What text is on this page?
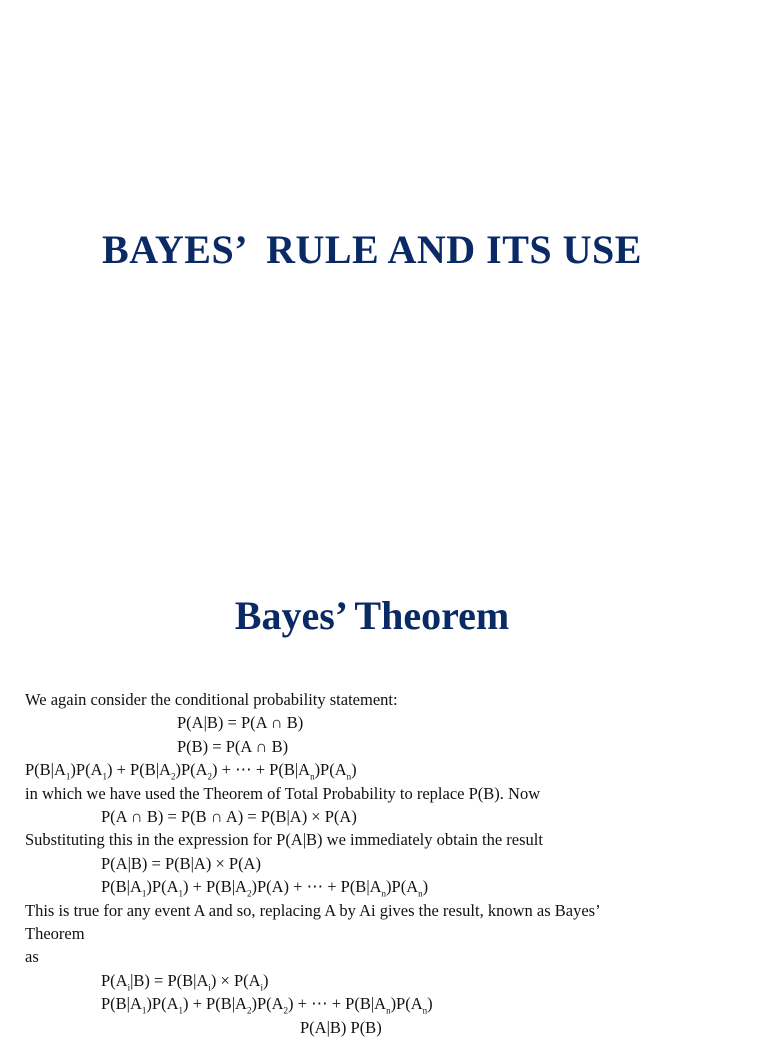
BAYES’  RULE AND ITS USE
Bayes’ Theorem
We again consider the conditional probability statement:
P(A|B) = P(A ∩ B)
P(B) = P(A ∩ B)
$P(B|A_1)P(A_1) + P(B|A_2)P(A_2)$ + ⋯ + $P(B|A_n)P(A_n)$
in which we have used the Theorem of Total Probability to replace P(B). Now
P(A ∩ B) = P(B ∩ A) = P(B|A) × P(A)
Substituting this in the expression for P(A|B) we immediately obtain the result
P(A|B) = P(B|A) × P(A)
$P(B|A_1)P(A_1) + P(B|A_2)P(A)$ + ⋯ + $P(B|A_n)P(A_n)$
This is true for any event A and so, replacing A by Ai gives the result, known as Bayes’
Theorem
as
$P(A_i|B) = P(B|A_i) \times P(A_i)$
$P(B|A_1)P(A_1) + P(B|A_2)P(A_2)$ + ⋯ + $P(B|A_n)P(A_n)$
P(A|B) P(B)
